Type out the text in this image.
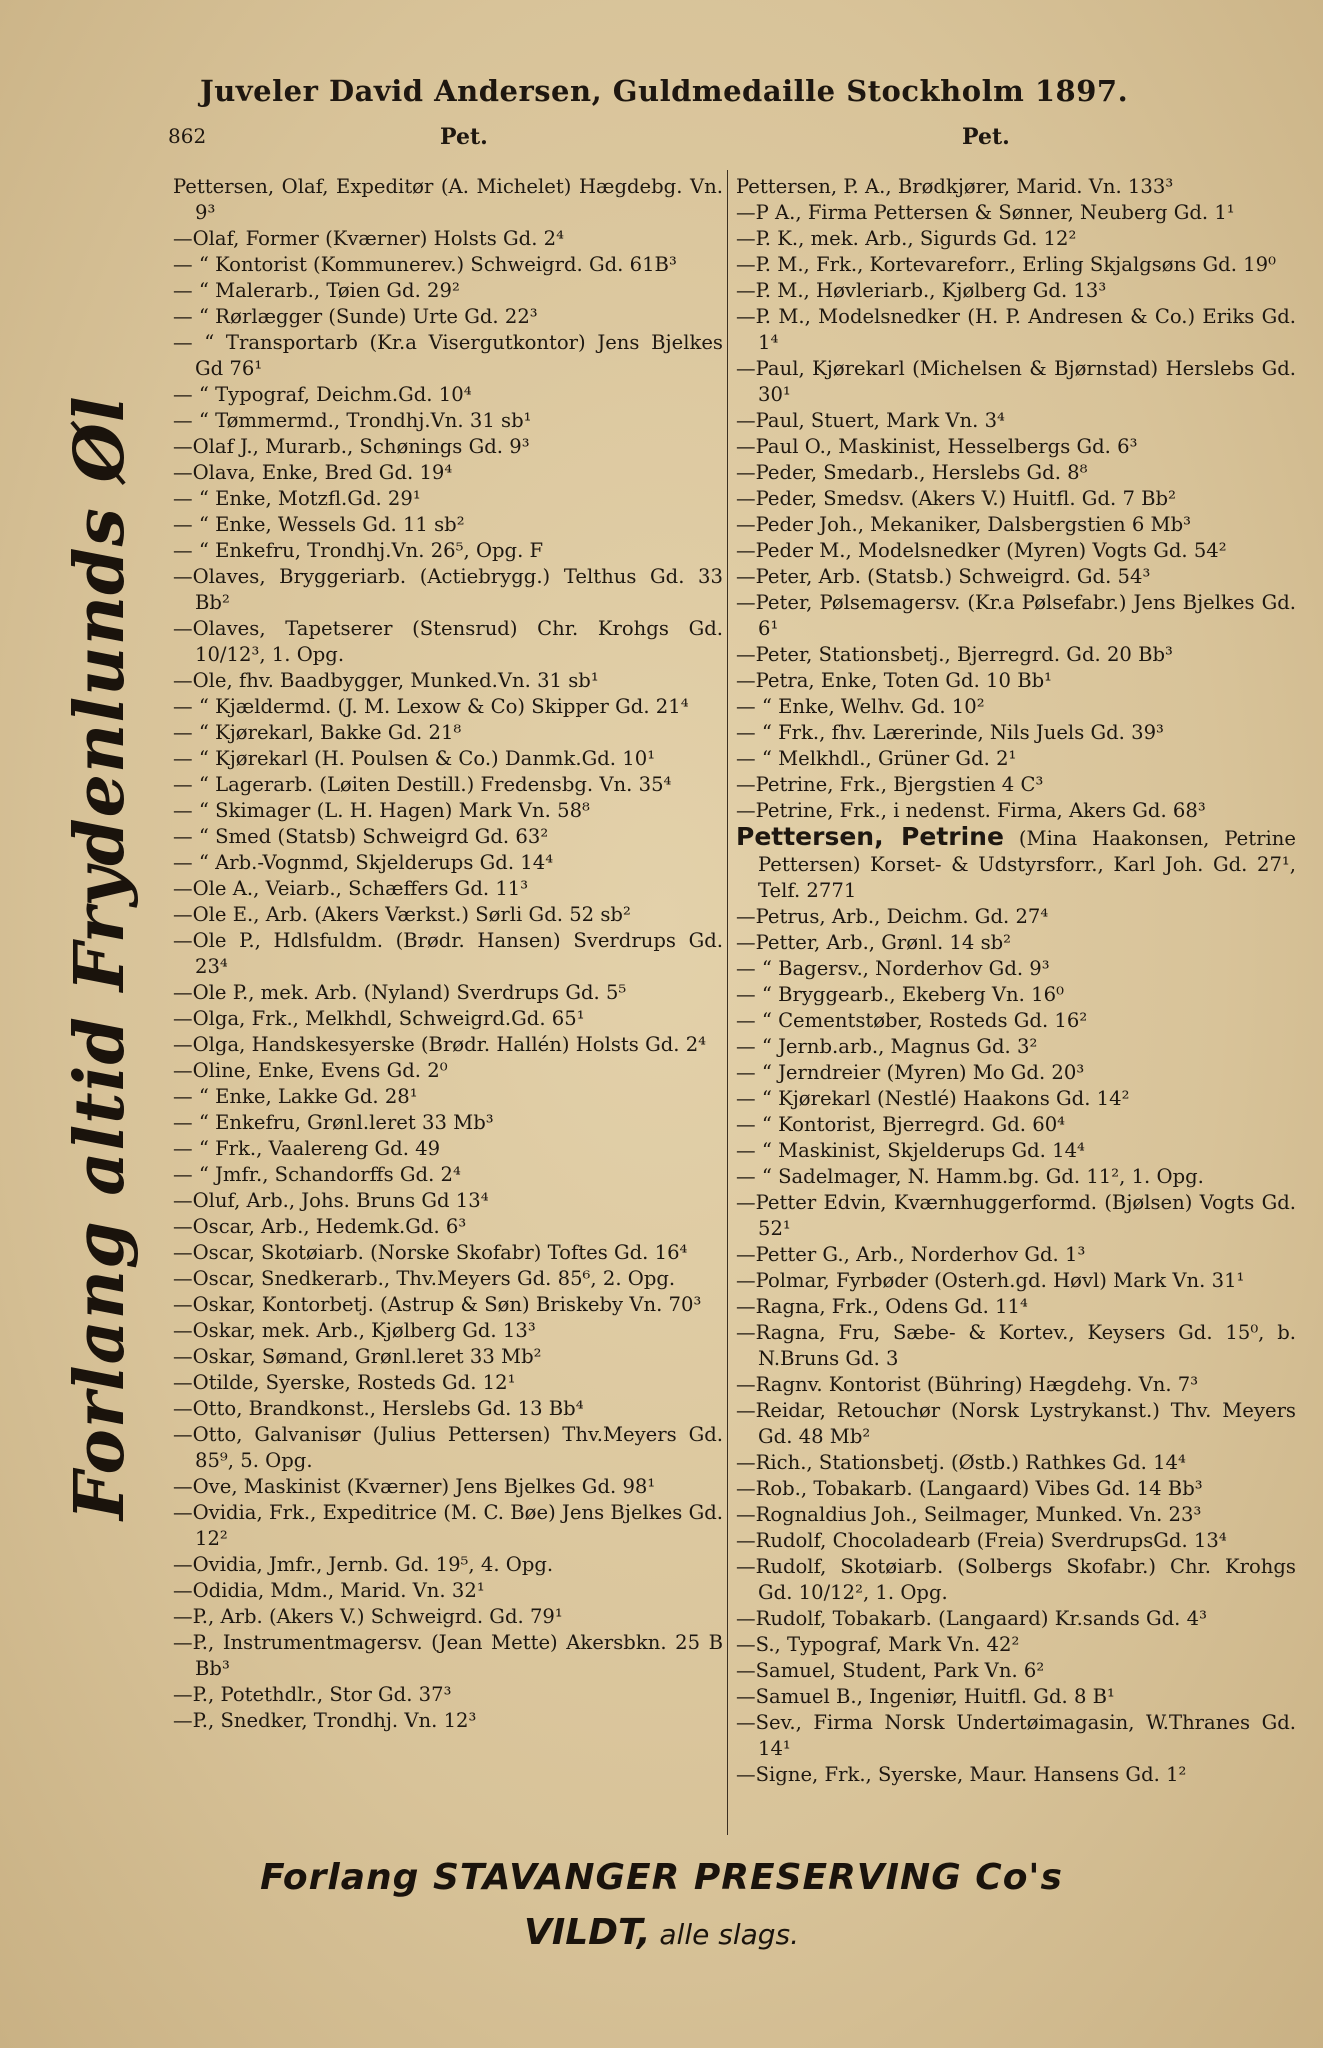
Juveler David Andersen, Guldmedaille Stockholm 1897.
862	Pet.	Pet.
Forlang altid Frydenlunds Øl
Pettersen, Olaf, Expeditør (A. Michelet) Hægdebg. Vn. 9³
—Olaf, Former (Kværner) Holsts Gd. 2⁴
— “ Kontorist (Kommunerev.) Schweigrd. Gd. 61B³
— “ Malerarb., Tøien Gd. 29²
— “ Rørlægger (Sunde) Urte Gd. 22³
— “ Transportarb (Kr.a Visergutkontor) Jens Bjelkes Gd 76¹
— “ Typograf, Deichm.Gd. 10⁴
— “ Tømmermd., Trondhj.Vn. 31 sb¹
—Olaf J., Murarb., Schønings Gd. 9³
—Olava, Enke, Bred Gd. 19⁴
— “ Enke, Motzfl.Gd. 29¹
— “ Enke, Wessels Gd. 11 sb²
— “ Enkefru, Trondhj.Vn. 26⁵, Opg. F
—Olaves, Bryggeriarb. (Actiebrygg.) Telthus Gd. 33 Bb²
—Olaves, Tapetserer (Stensrud) Chr. Krohgs Gd. 10/12³, 1. Opg.
—Ole, fhv. Baadbygger, Munked.Vn. 31 sb¹
— “ Kjældermd. (J. M. Lexow & Co) Skipper Gd. 21⁴
— “ Kjørekarl, Bakke Gd. 21⁸
— “ Kjørekarl (H. Poulsen & Co.) Danmk.Gd. 10¹
— “ Lagerarb. (Løiten Destill.) Fredensbg. Vn. 35⁴
— “ Skimager (L. H. Hagen) Mark Vn. 58⁸
— “ Smed (Statsb) Schweigrd Gd. 63²
— “ Arb.-Vognmd, Skjelderups Gd. 14⁴
—Ole A., Veiarb., Schæffers Gd. 11³
—Ole E., Arb. (Akers Værkst.) Sørli Gd. 52 sb²
—Ole P., Hdlsfuldm. (Brødr. Hansen) Sverdrups Gd. 23⁴
—Ole P., mek. Arb. (Nyland) Sverdrups Gd. 5⁵
—Olga, Frk., Melkhdl, Schweigrd.Gd. 65¹
—Olga, Handskesyerske (Brødr. Hallén) Holsts Gd. 2⁴
—Oline, Enke, Evens Gd. 2⁰
— “ Enke, Lakke Gd. 28¹
— “ Enkefru, Grønl.leret 33 Mb³
— “ Frk., Vaalereng Gd. 49
— “ Jmfr., Schandorffs Gd. 2⁴
—Oluf, Arb., Johs. Bruns Gd 13⁴
—Oscar, Arb., Hedemk.Gd. 6³
—Oscar, Skotøiarb. (Norske Skofabr) Toftes Gd. 16⁴
—Oscar, Snedkerarb., Thv.Meyers Gd. 85⁶, 2. Opg.
—Oskar, Kontorbetj. (Astrup & Søn) Briskeby Vn. 70³
—Oskar, mek. Arb., Kjølberg Gd. 13³
—Oskar, Sømand, Grønl.leret 33 Mb²
—Otilde, Syerske, Rosteds Gd. 12¹
—Otto, Brandkonst., Herslebs Gd. 13 Bb⁴
—Otto, Galvanisør (Julius Pettersen) Thv.Meyers Gd. 85⁹, 5. Opg.
—Ove, Maskinist (Kværner) Jens Bjelkes Gd. 98¹
—Ovidia, Frk., Expeditrice (M. C. Bøe) Jens Bjelkes Gd. 12²
—Ovidia, Jmfr., Jernb. Gd. 19⁵, 4. Opg.
—Odidia, Mdm., Marid. Vn. 32¹
—P., Arb. (Akers V.) Schweigrd. Gd. 79¹
—P., Instrumentmagersv. (Jean Mette) Akersbkn. 25 B Bb³
—P., Potethdlr., Stor Gd. 37³
—P., Snedker, Trondhj. Vn. 12³
Pettersen, P. A., Brødkjører, Marid. Vn. 133³
—P A., Firma Pettersen & Sønner, Neuberg Gd. 1¹
—P. K., mek. Arb., Sigurds Gd. 12²
—P. M., Frk., Kortevareforr., Erling Skjalgsøns Gd. 19⁰
—P. M., Høvleriarb., Kjølberg Gd. 13³
—P. M., Modelsnedker (H. P. Andresen & Co.) Eriks Gd. 1⁴
—Paul, Kjørekarl (Michelsen & Bjørnstad) Herslebs Gd. 30¹
—Paul, Stuert, Mark Vn. 3⁴
—Paul O., Maskinist, Hesselbergs Gd. 6³
—Peder, Smedarb., Herslebs Gd. 8⁸
—Peder, Smedsv. (Akers V.) Huitfl. Gd. 7 Bb²
—Peder Joh., Mekaniker, Dalsbergstien 6 Mb³
—Peder M., Modelsnedker (Myren) Vogts Gd. 54²
—Peter, Arb. (Statsb.) Schweigrd. Gd. 54³
—Peter, Pølsemagersv. (Kr.a Pølsefabr.) Jens Bjelkes Gd. 6¹
—Peter, Stationsbetj., Bjerregrd. Gd. 20 Bb³
—Petra, Enke, Toten Gd. 10 Bb¹
— “ Enke, Welhv. Gd. 10²
— “ Frk., fhv. Lærerinde, Nils Juels Gd. 39³
— “ Melkhdl., Grüner Gd. 2¹
—Petrine, Frk., Bjergstien 4 C³
—Petrine, Frk., i nedenst. Firma, Akers Gd. 68³
Pettersen, Petrine (Mina Haakonsen, Petrine Pettersen) Korset- & Udstyrsforr., Karl Joh. Gd. 27¹, Telf. 2771
—Petrus, Arb., Deichm. Gd. 27⁴
—Petter, Arb., Grønl. 14 sb²
— “ Bagersv., Norderhov Gd. 9³
— “ Bryggearb., Ekeberg Vn. 16⁰
— “ Cementstøber, Rosteds Gd. 16²
— “ Jernb.arb., Magnus Gd. 3²
— “ Jerndreier (Myren) Mo Gd. 20³
— “ Kjørekarl (Nestlé) Haakons Gd. 14²
— “ Kontorist, Bjerregrd. Gd. 60⁴
— “ Maskinist, Skjelderups Gd. 14⁴
— “ Sadelmager, N. Hamm.bg. Gd. 11², 1. Opg.
—Petter Edvin, Kværnhuggerformd. (Bjølsen) Vogts Gd. 52¹
—Petter G., Arb., Norderhov Gd. 1³
—Polmar, Fyrbøder (Osterh.gd. Høvl) Mark Vn. 31¹
—Ragna, Frk., Odens Gd. 11⁴
—Ragna, Fru, Sæbe- & Kortev., Keysers Gd. 15⁰, b. N.Bruns Gd. 3
—Ragnv. Kontorist (Bühring) Hægdehg. Vn. 7³
—Reidar, Retouchør (Norsk Lystrykanst.) Thv. Meyers Gd. 48 Mb²
—Rich., Stationsbetj. (Østb.) Rathkes Gd. 14⁴
—Rob., Tobakarb. (Langaard) Vibes Gd. 14 Bb³
—Rognaldius Joh., Seilmager, Munked. Vn. 23³
—Rudolf, Chocoladearb (Freia) SverdrupsGd. 13⁴
—Rudolf, Skotøiarb. (Solbergs Skofabr.) Chr. Krohgs Gd. 10/12², 1. Opg.
—Rudolf, Tobakarb. (Langaard) Kr.sands Gd. 4³
—S., Typograf, Mark Vn. 42²
—Samuel, Student, Park Vn. 6²
—Samuel B., Ingeniør, Huitfl. Gd. 8 B¹
—Sev., Firma Norsk Undertøimagasin, W.Thranes Gd. 14¹
—Signe, Frk., Syerske, Maur. Hansens Gd. 1²
Forlang STAVANGER PRESERVING Co's
VILDT, alle slags.
